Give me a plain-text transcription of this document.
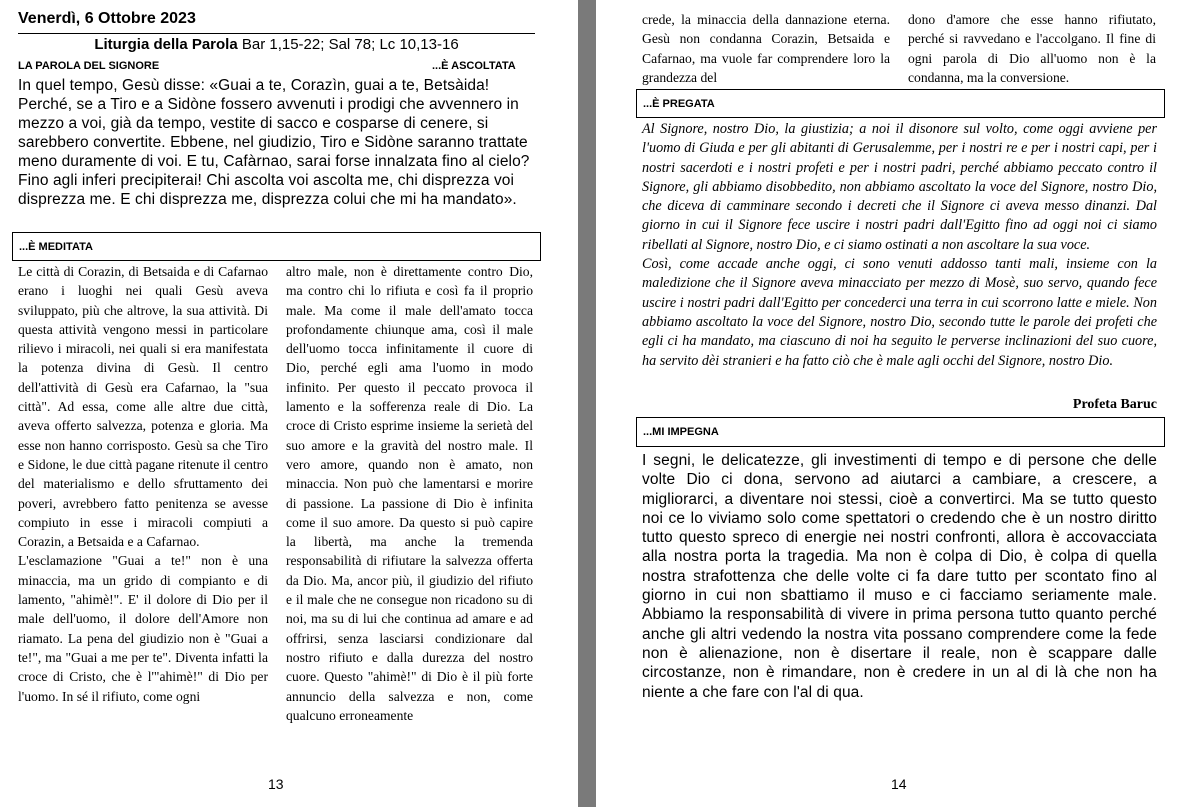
Venerdì, 6 Ottobre 2023
Liturgia della Parola Bar 1,15-22; Sal 78; Lc 10,13-16
LA PAROLA DEL SIGNORE	...È ASCOLTATA
In quel tempo, Gesù disse: «Guai a te, Corazìn, guai a te, Betsàida! Perché, se a Tiro e a Sidòne fossero avvenuti i prodigi che avvennero in mezzo a voi, già da tempo, vestite di sacco e cosparse di cenere, si sarebbero convertite. Ebbene, nel giudizio, Tiro e Sidòne saranno trattate meno duramente di voi. E tu, Cafàrnao, sarai forse innalzata fino al cielo? Fino agli inferi precipiterai! Chi ascolta voi ascolta me, chi disprezza voi disprezza me. E chi disprezza me, disprezza colui che mi ha mandato».
...È MEDITATA

Le città di Corazin, di Betsaida e di Cafarnao erano i luoghi nei quali Gesù aveva sviluppato, più che altrove, la sua attività. Di questa attività vengono messi in particolare rilievo i miracoli, nei quali si era manifestata la potenza divina di Gesù. Il centro dell'attività di Gesù era Cafarnao, la "sua città". Ad essa, come alle altre due città, aveva offerto salvezza, potenza e gloria. Ma esse non hanno corrisposto. Gesù sa che Tiro e Sidone, le due città pagane ritenute il centro del materialismo e dello sfruttamento dei poveri, avrebbero fatto penitenza se avesse compiuto in esse i miracoli compiuti a Corazin, a Betsaida e a Cafarnao.

L'esclamazione "Guai a te!" non è una minaccia, ma un grido di compianto e di lamento, "ahimè!". E' il dolore di Dio per il male dell'uomo, il dolore dell'Amore non riamato. La pena del giudizio non è "Guai a te!", ma "Guai a me per te". Diventa infatti la croce di Cristo, che è l'"ahimè!" di Dio per l'uomo. In sé il rifiuto, come ogni

altro male, non è direttamente contro Dio, ma contro chi lo rifiuta e così fa il proprio male. Ma come il male dell'amato tocca profondamente chiunque ama, così il male dell'uomo tocca infinitamente il cuore di Dio, perché egli ama l'uomo in modo infinito. Per questo il peccato provoca il lamento e la sofferenza reale di Dio. La croce di Cristo esprime insieme la serietà del suo amore e la gravità del nostro male. Il vero amore, quando non è amato, non minaccia. Non può che lamentarsi e morire di passione. La passione di Dio è infinita come il suo amore. Da questo si può capire la libertà, ma anche la tremenda responsabilità di rifiutare la salvezza offerta da Dio. Ma, ancor più, il giudizio del rifiuto e il male che ne consegue non ricadono su di noi, ma su di lui che continua ad amare e ad offrirsi, senza lasciarsi condizionare dal nostro rifiuto e dalla durezza del nostro cuore. Questo "ahimè!" di Dio è il più forte annuncio della salvezza e non, come qualcuno erroneamente

13

crede, la minaccia della dannazione eterna. Gesù non condanna Corazin, Betsaida e Cafarnao, ma vuole far comprendere loro la grandezza del

dono d'amore che esse hanno rifiutato, perché si ravvedano e l'accolgano. Il fine di ogni parola di Dio all'uomo non è la condanna, ma la conversione.

...È PREGATA

Al Signore, nostro Dio, la giustizia; a noi il disonore sul volto, come oggi avviene per l'uomo di Giuda e per gli abitanti di Gerusalemme, per i nostri re e per i nostri capi, per i nostri sacerdoti e i nostri profeti e per i nostri padri, perché abbiamo peccato contro il Signore, gli abbiamo disobbedito, non abbiamo ascoltato la voce del Signore, nostro Dio, che diceva di camminare secondo i decreti che il Signore ci aveva messo dinanzi. Dal giorno in cui il Signore fece uscire i nostri padri dall'Egitto fino ad oggi noi ci siamo ribellati al Signore, nostro Dio, e ci siamo ostinati a non ascoltare la sua voce.

Così, come accade anche oggi, ci sono venuti addosso tanti mali, insieme con la maledizione che il Signore aveva minacciato per mezzo di Mosè, suo servo, quando fece uscire i nostri padri dall'Egitto per concederci una terra in cui scorrono latte e miele. Non abbiamo ascoltato la voce del Signore, nostro Dio, secondo tutte le parole dei profeti che egli ci ha mandato, ma ciascuno di noi ha seguito le perverse inclinazioni del suo cuore, ha servito dèi stranieri e ha fatto ciò che è male agli occhi del Signore, nostro Dio.

Profeta Baruc
...MI IMPEGNA
I segni, le delicatezze, gli investimenti di tempo e di persone che delle volte Dio ci dona, servono ad aiutarci a cambiare, a crescere, a migliorarci, a diventare noi stessi, cioè a convertirci. Ma se tutto questo noi ce lo viviamo solo come spettatori o credendo che è un nostro diritto tutto questo spreco di energie nei nostri confronti, allora è accovacciata alla nostra porta la tragedia. Ma non è colpa di Dio, è colpa di quella nostra strafottenza che delle volte ci fa dare tutto per scontato fino al giorno in cui non sbattiamo il muso e ci facciamo seriamente male. Abbiamo la responsabilità di vivere in prima persona tutto quanto perché anche gli altri vedendo la nostra vita possano comprendere come la fede non è alienazione, non è disertare il reale, non è scappare dalle circostanze, non è rimandare, non è credere in un al di là che non ha niente a che fare con l'al di qua.
14
